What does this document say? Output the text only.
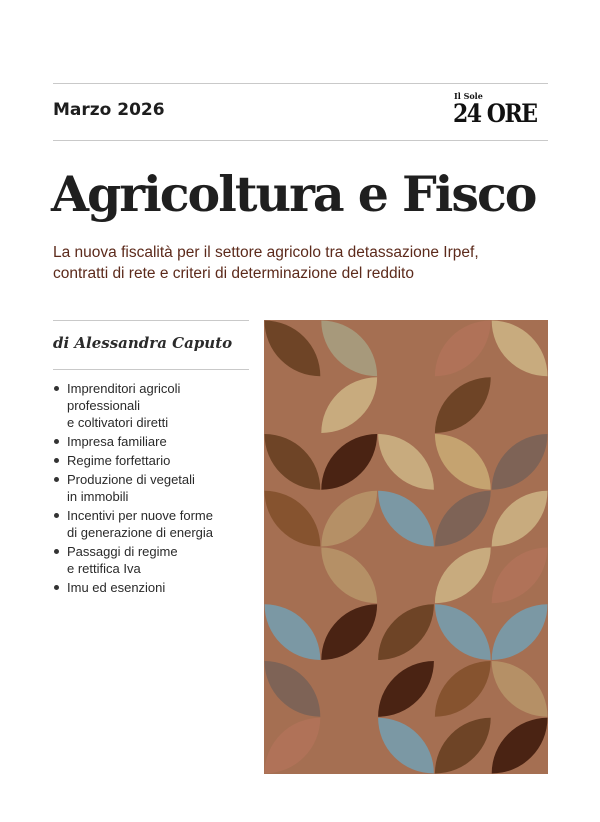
Marzo 2026
Il Sole
24 ORE
Agricoltura e Fisco

La nuova fiscalità per il settore agricolo tra detassazione Irpef,
contratti di rete e criteri di determinazione del reddito

di Alessandra Caputo
Imprenditori agricoli
professionali
e coltivatori diretti
Impresa familiare
Regime forfettario
Produzione di vegetali
in immobili
Incentivi per nuove forme
di generazione di energia
Passaggi di regime
e rettifica Iva
Imu ed esenzioni
